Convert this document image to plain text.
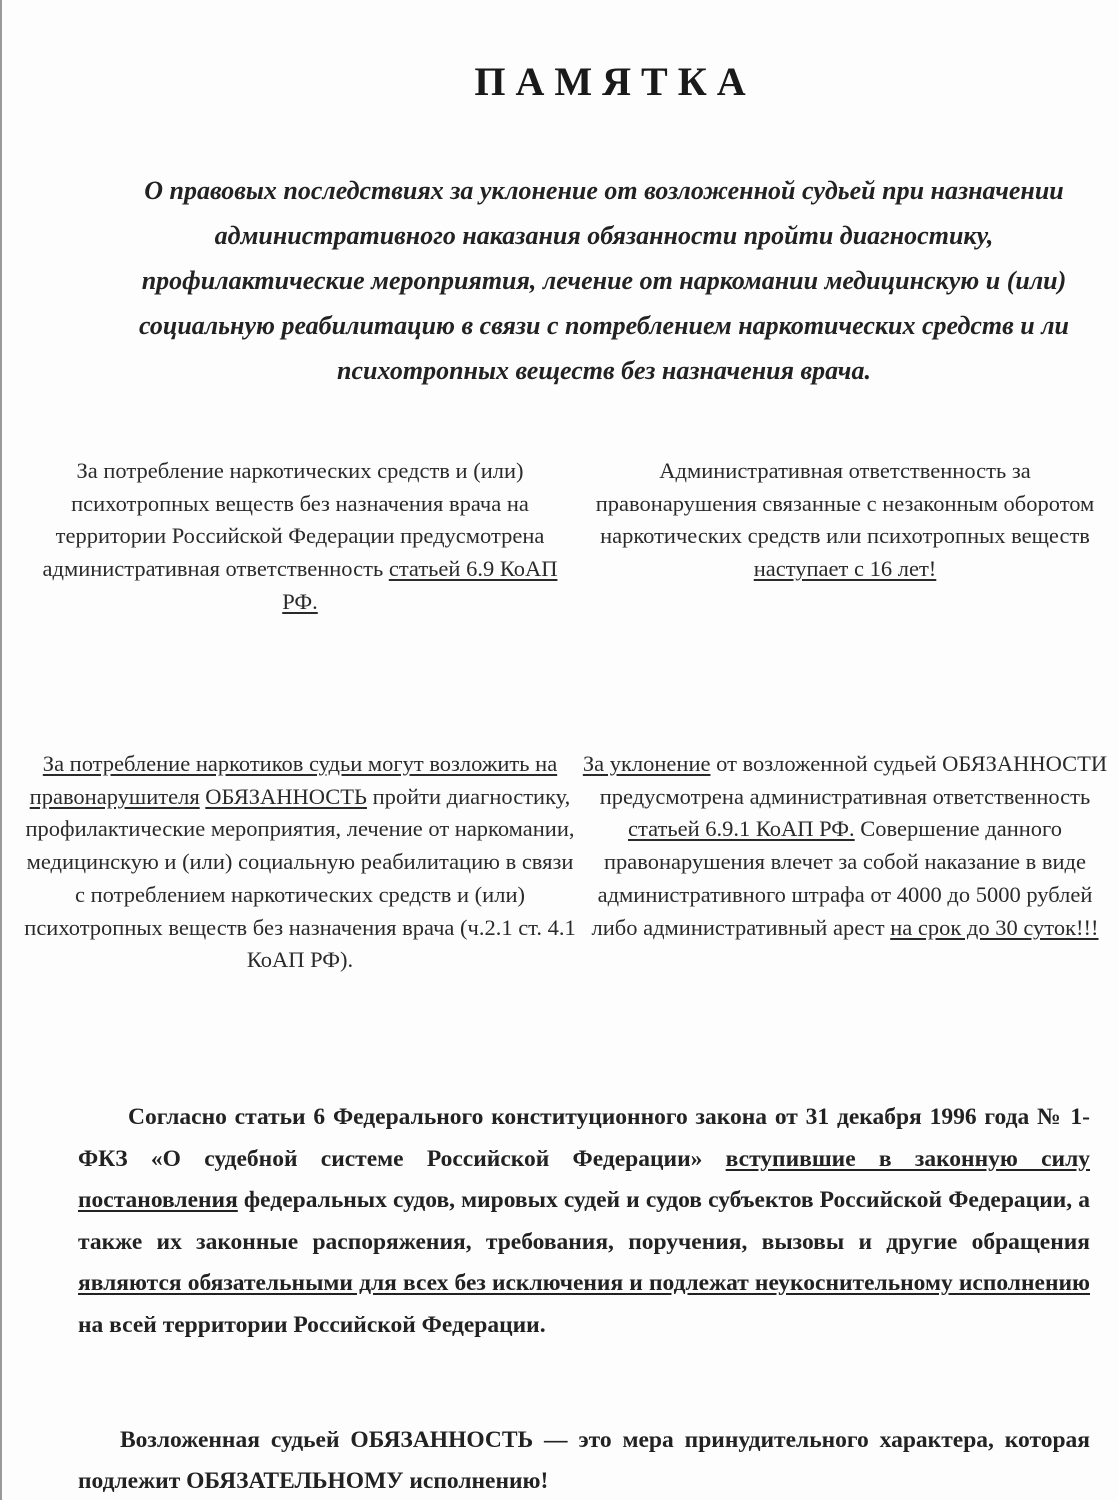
ПАМЯТКА
О правовых последствиях за уклонение от возложенной судьей при назначении административного наказания обязанности пройти диагностику, профилактические мероприятия, лечение от наркомании медицинскую и (или) социальную реабилитацию в связи с потреблением наркотических средств и ли психотропных веществ без назначения врача.
За потребление наркотических средств и (или) психотропных веществ без назначения врача на территории Российской Федерации предусмотрена административная ответственность статьей 6.9 КоАП РФ.
Административная ответственность за правонарушения связанные с незаконным оборотом наркотических средств или психотропных веществ
наступает с 16 лет!
За потребление наркотиков судьи могут возложить на правонарушителя ОБЯЗАННОСТЬ пройти диагностику, профилактические мероприятия, лечение от наркомании, медицинскую и (или) социальную реабилитацию в связи с потреблением наркотических средств и (или) психотропных веществ без назначения врача (ч.2.1 ст. 4.1 КоАП РФ).
За уклонение от возложенной судьей ОБЯЗАННОСТИ предусмотрена административная ответственность статьей 6.9.1 КоАП РФ. Совершение данного правонарушения влечет за собой наказание в виде административного штрафа от 4000 до 5000 рублей либо административный арест на срок до 30 суток!!!
Согласно статьи 6 Федерального конституционного закона от 31 декабря 1996 года № 1-ФКЗ «О судебной системе Российской Федерации» вступившие в законную силу постановления федеральных судов, мировых судей и судов субъектов Российской Федерации, а также их законные распоряжения, требования, поручения, вызовы и другие обращения являются обязательными для всех без исключения и подлежат неукоснительному исполнению на всей территории Российской Федерации.
Возложенная судьей ОБЯЗАННОСТЬ — это мера принудительного характера, которая подлежит ОБЯЗАТЕЛЬНОМУ исполнению!
